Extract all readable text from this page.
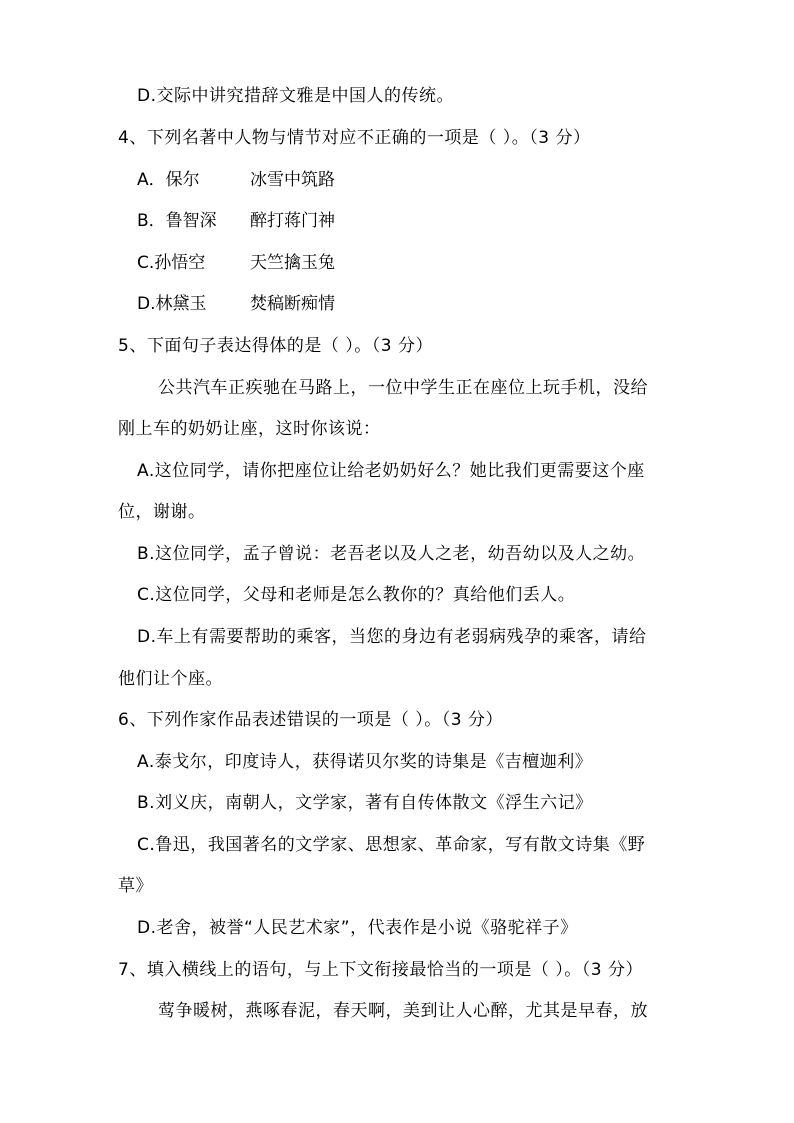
D.交际中讲究措辞文雅是中国人的传统。
4、下列名著中人物与情节对应不正确的一项是（ ）。（3 分）
A．保尔	冰雪中筑路
B．鲁智深 醉打蒋门神
C.孙悟空	天竺擒玉兔
D.林黛玉	焚稿断痴情
5、下面句子表达得体的是（ ）。（3 分）
公共汽车正疾驰在马路上，一位中学生正在座位上玩手机，没给
刚上车的奶奶让座，这时你该说：
A.这位同学，请你把座位让给老奶奶好么？她比我们更需要这个座
位，谢谢。
B.这位同学，孟子曾说：老吾老以及人之老，幼吾幼以及人之幼。
C.这位同学，父母和老师是怎么教你的？真给他们丢人。
D.车上有需要帮助的乘客，当您的身边有老弱病残孕的乘客，请给
他们让个座。
6、下列作家作品表述错误的一项是（ ）。（3 分）
A.泰戈尔，印度诗人，获得诺贝尔奖的诗集是《吉檀迦利》
B.刘义庆，南朝人，文学家，著有自传体散文《浮生六记》
C.鲁迅，我国著名的文学家、思想家、革命家，写有散文诗集《野
草》
D.老舍，被誉“人民艺术家”，代表作是小说《骆驼祥子》
7、填入横线上的语句，与上下文衔接最恰当的一项是（ ）。（3 分）
莺争暖树，燕啄春泥，春天啊，美到让人心醉，尤其是早春，放
